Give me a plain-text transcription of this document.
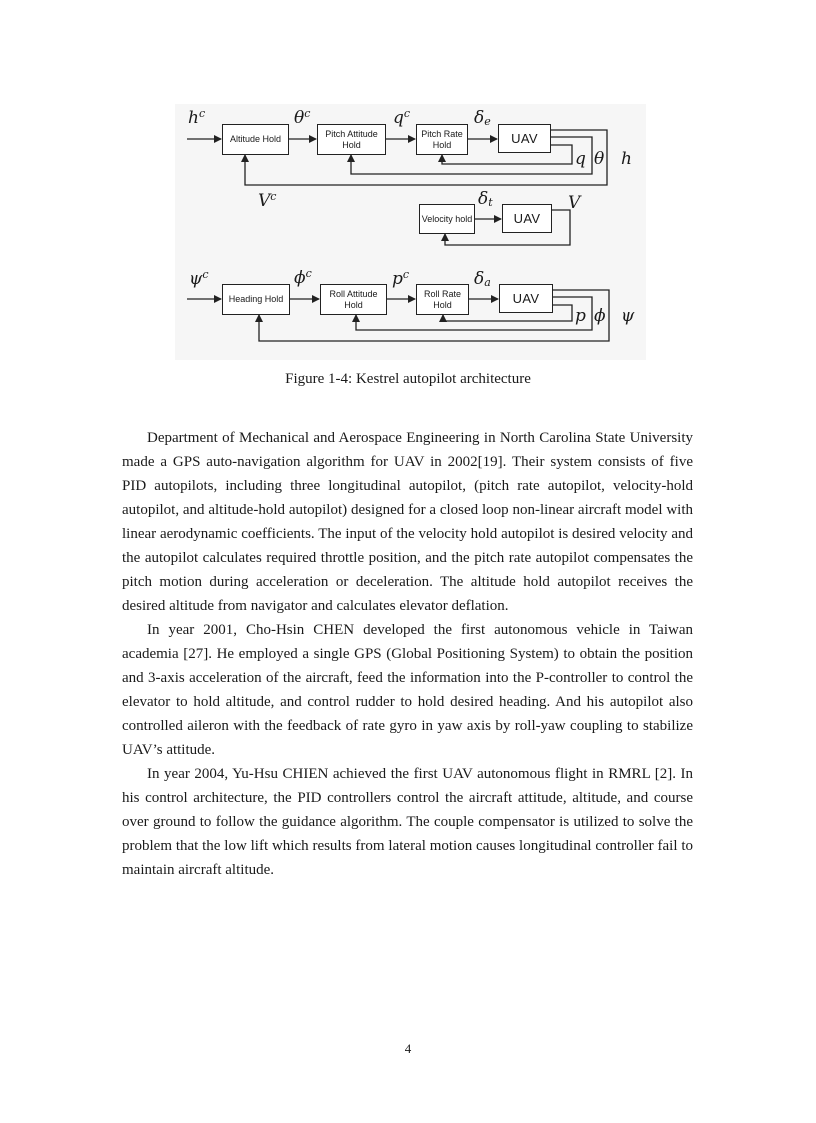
Altitude Hold
Pitch Attitude Hold
Pitch Rate Hold	UAV
Velocity hold	UAV
Heading Hold
Roll Attitude Hold
Roll Rate Hold	UAV
$h^c$	$\theta^c$	$q^c$	$\delta_e$
q θ h
$V^c$	$\delta_t$	V
$\psi^c$	$\phi^c$	$p^c$	$\delta_a$
p ϕ ψ
Figure 1-4: Kestrel autopilot architecture

Department of Mechanical and Aerospace Engineering in North Carolina State University made a GPS auto-navigation algorithm for UAV in 2002[19]. Their system consists of five PID autopilots, including three longitudinal autopilot, (pitch rate autopilot, velocity-hold autopilot, and altitude-hold autopilot) designed for a closed loop non-linear aircraft model with linear aerodynamic coefficients. The input of the velocity hold autopilot is desired velocity and the autopilot calculates required throttle position, and the pitch rate autopilot compensates the pitch motion during acceleration or deceleration. The altitude hold autopilot receives the desired altitude from navigator and calculates elevator deflation.

In year 2001, Cho-Hsin CHEN developed the first autonomous vehicle in Taiwan academia [27]. He employed a single GPS (Global Positioning System) to obtain the position and 3-axis acceleration of the aircraft, feed the information into the P-controller to control the elevator to hold altitude, and control rudder to hold desired heading. And his autopilot also controlled aileron with the feedback of rate gyro in yaw axis by roll-yaw coupling to stabilize UAV’s attitude.

In year 2004, Yu-Hsu CHIEN achieved the first UAV autonomous flight in RMRL [2]. In his control architecture, the PID controllers control the aircraft attitude, altitude, and course over ground to follow the guidance algorithm. The couple compensator is utilized to solve the problem that the low lift which results from lateral motion causes longitudinal controller fail to maintain aircraft altitude.

4
